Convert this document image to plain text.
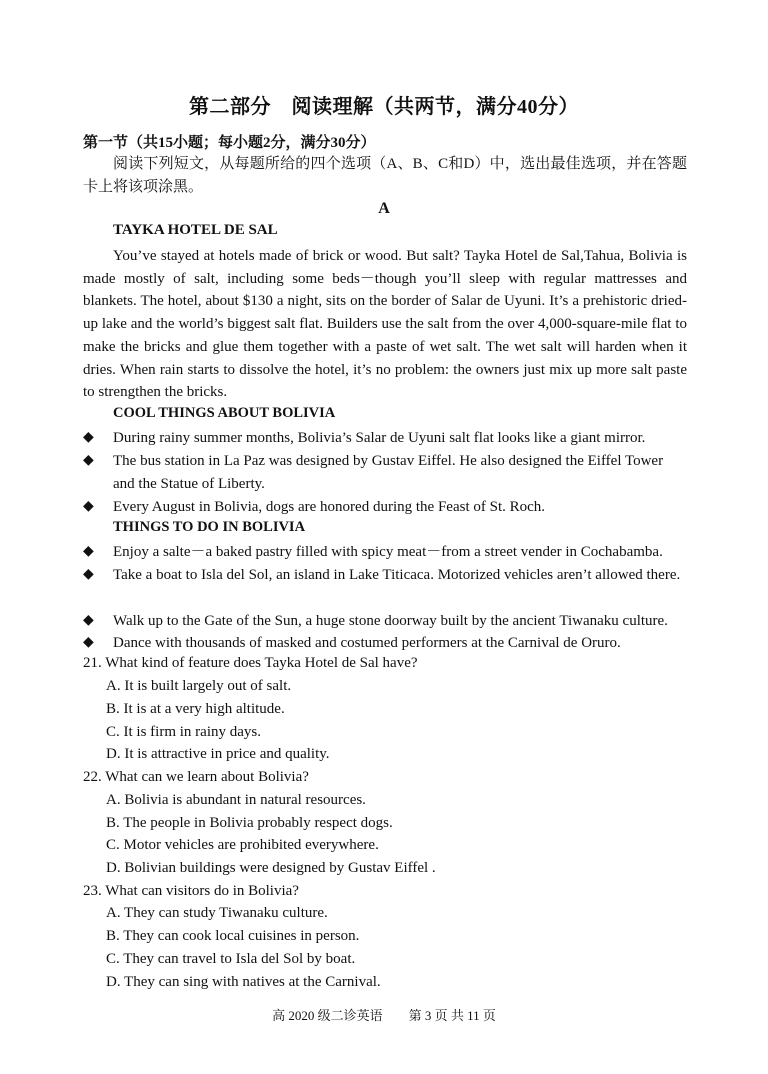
第二部分　阅读理解（共两节，满分40分）
第一节（共15小题；每小题2分，满分30分）
阅读下列短文，从每题所给的四个选项（A、B、C和D）中，选出最佳选项，并在答题卡上将该项涂黑。
A
TAYKA HOTEL DE SAL
You’ve stayed at hotels made of brick or wood. But salt? Tayka Hotel de Sal,Tahua, Bolivia is made mostly of salt, including some beds－though you’ll sleep with regular mattresses and blankets. The hotel, about $130 a night, sits on the border of Salar de Uyuni. It’s a prehistoric dried-up lake and the world’s biggest salt flat. Builders use the salt from the over 4,000-square-mile flat to make the bricks and glue them together with a paste of wet salt. The wet salt will harden when it dries. When rain starts to dissolve the hotel, it’s no problem: the owners just mix up more salt paste to strengthen the bricks.
COOL THINGS ABOUT BOLIVIA
◆ During rainy summer months, Bolivia’s Salar de Uyuni salt flat looks like a giant mirror.
◆ The bus station in La Paz was designed by Gustav Eiffel. He also designed the Eiffel Tower and the Statue of Liberty.
◆ Every August in Bolivia, dogs are honored during the Feast of St. Roch.
THINGS TO DO IN BOLIVIA
◆ Enjoy a salte－a baked pastry filled with spicy meat－from a street vender in Cochabamba.
◆ Take a boat to Isla del Sol, an island in Lake Titicaca. Motorized vehicles aren’t allowed there.
◆ Walk up to the Gate of the Sun, a huge stone doorway built by the ancient Tiwanaku culture.
◆ Dance with thousands of masked and costumed performers at the Carnival de Oruro.
21. What kind of feature does Tayka Hotel de Sal have?
A. It is built largely out of salt.
B. It is at a very high altitude.
C. It is firm in rainy days.
D. It is attractive in price and quality.
22. What can we learn about Bolivia?
A. Bolivia is abundant in natural resources.
B. The people in Bolivia probably respect dogs.
C. Motor vehicles are prohibited everywhere.
D. Bolivian buildings were designed by Gustav Eiffel .
23. What can visitors do in Bolivia?
A. They can study Tiwanaku culture.
B. They can cook local cuisines in person.
C. They can travel to Isla del Sol by boat.
D. They can sing with natives at the Carnival.
高 2020 级二诊英语　　第 3 页 共 11 页
